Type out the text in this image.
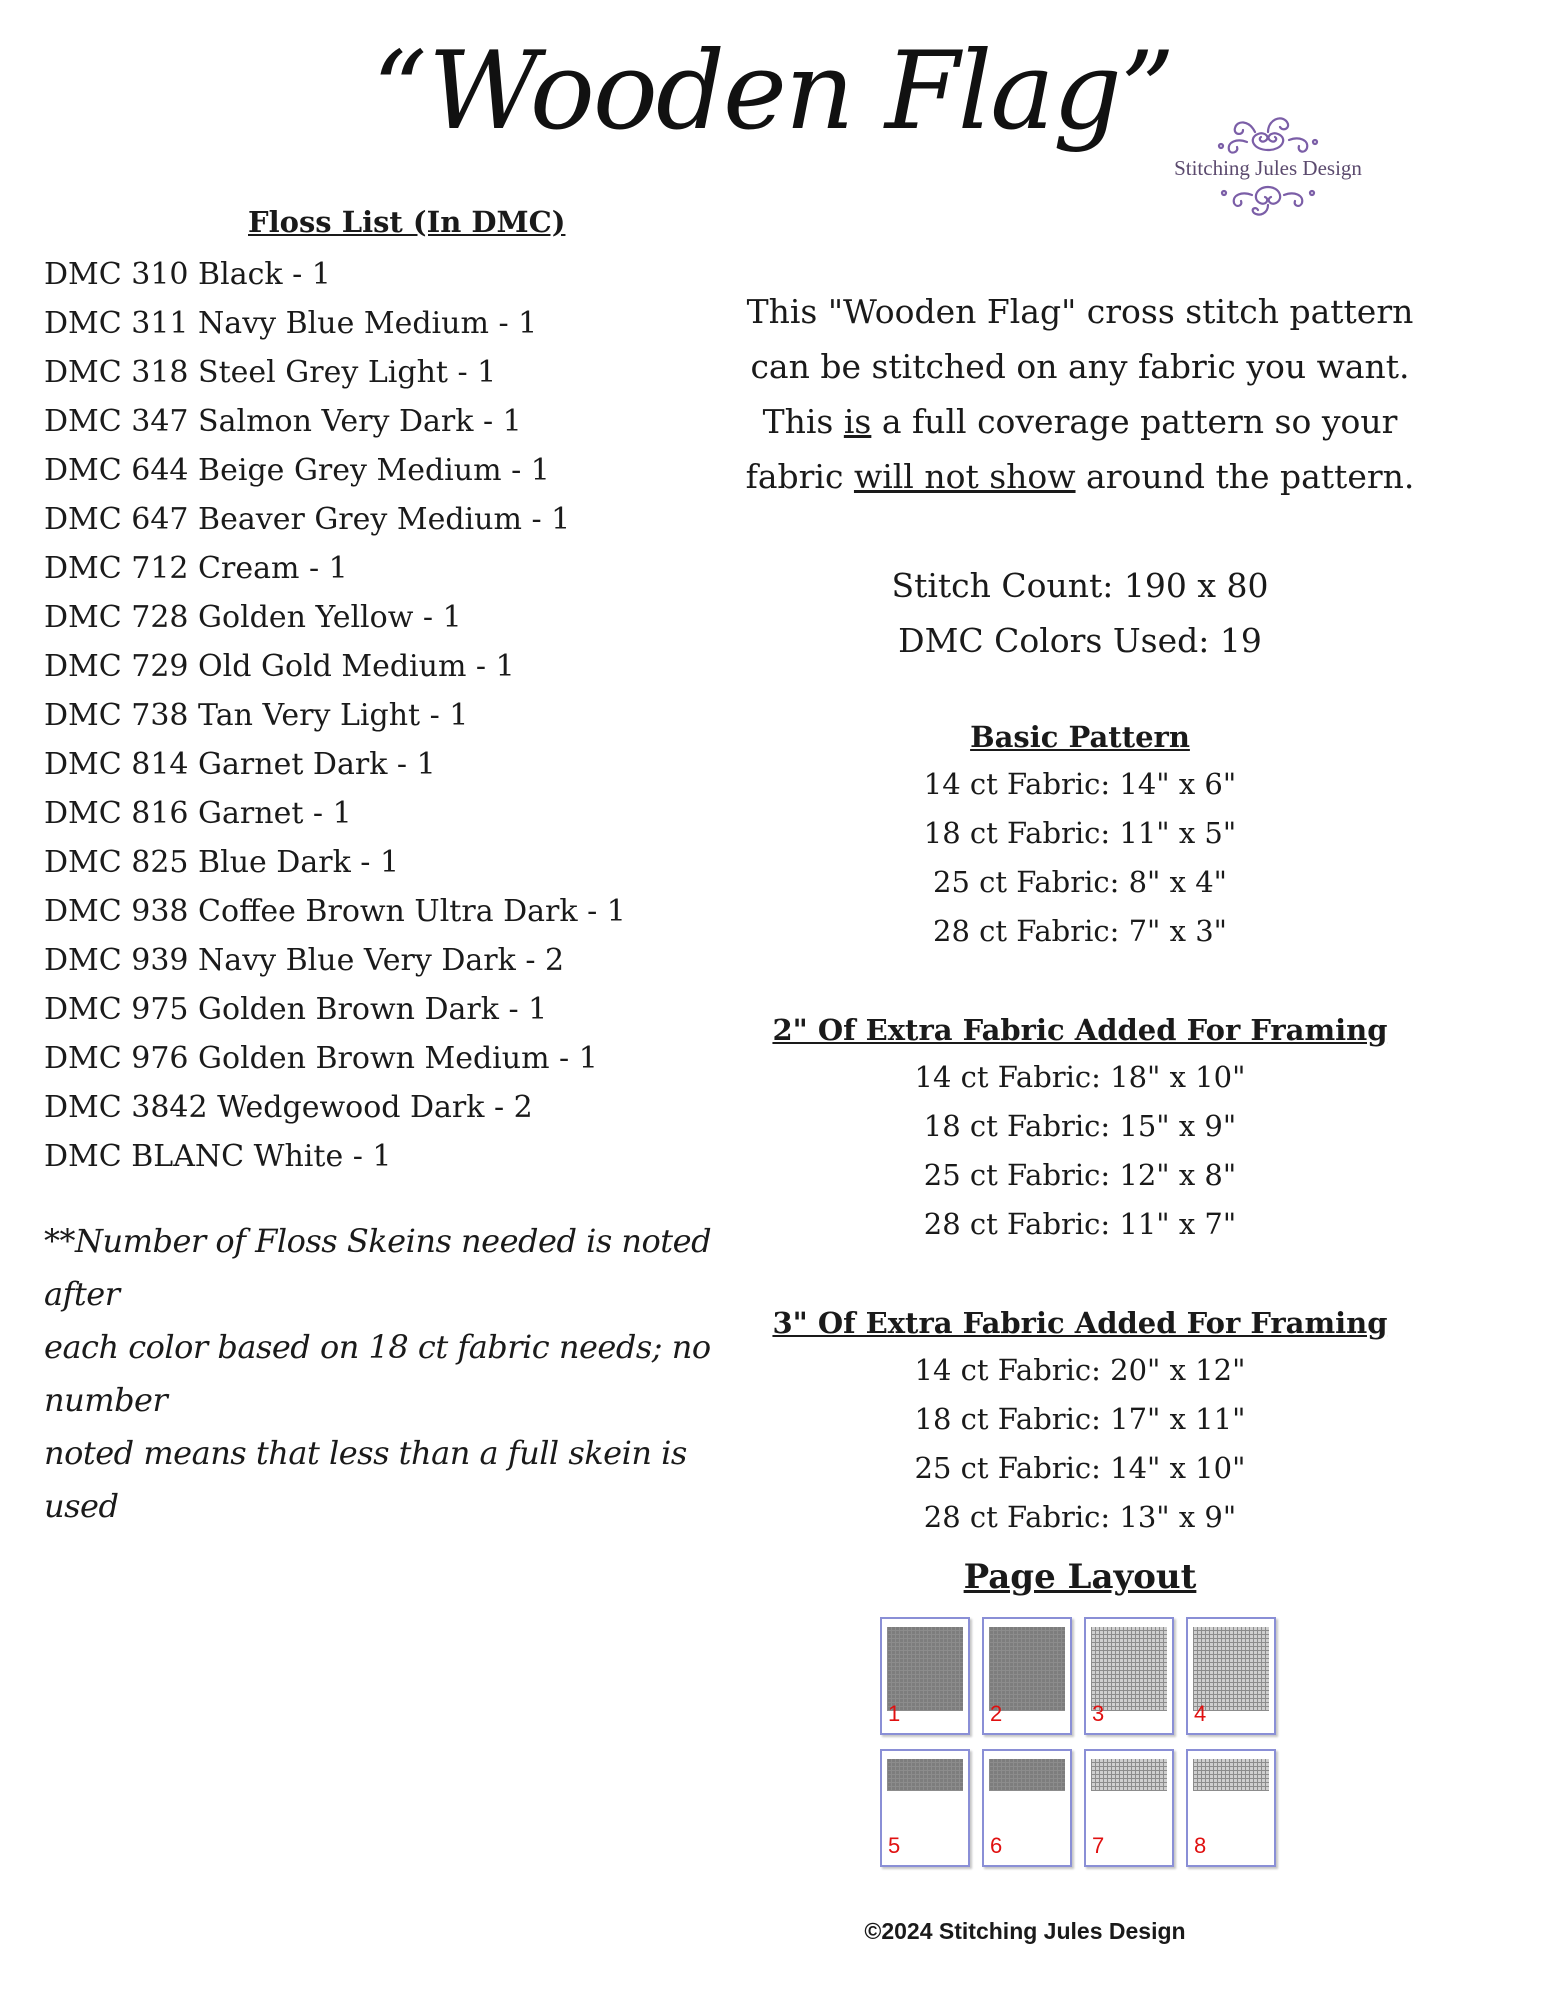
“Wooden Flag”
Stitching Jules Design
Floss List (In DMC)
DMC 310 Black - 1
DMC 311 Navy Blue Medium - 1
DMC 318 Steel Grey Light - 1
DMC 347 Salmon Very Dark - 1
DMC 644 Beige Grey Medium - 1
DMC 647 Beaver Grey Medium - 1
DMC 712 Cream - 1
DMC 728 Golden Yellow - 1
DMC 729 Old Gold Medium - 1
DMC 738 Tan Very Light - 1
DMC 814 Garnet Dark - 1
DMC 816 Garnet - 1
DMC 825 Blue Dark - 1
DMC 938 Coffee Brown Ultra Dark - 1
DMC 939 Navy Blue Very Dark - 2
DMC 975 Golden Brown Dark - 1
DMC 976 Golden Brown Medium - 1
DMC 3842 Wedgewood Dark - 2
DMC BLANC White - 1
**Number of Floss Skeins needed is noted after
each color based on 18 ct fabric needs; no number
noted means that less than a full skein is used
This "Wooden Flag" cross stitch pattern
can be stitched on any fabric you want.
This is a full coverage pattern so your
fabric will not show around the pattern.
Stitch Count: 190 x 80
DMC Colors Used: 19
Basic Pattern
14 ct Fabric: 14" x 6"
18 ct Fabric: 11" x 5"
25 ct Fabric: 8" x 4"
28 ct Fabric: 7" x 3"
2" Of Extra Fabric Added For Framing
14 ct Fabric: 18" x 10"
18 ct Fabric: 15" x 9"
25 ct Fabric: 12" x 8"
28 ct Fabric: 11" x 7"
3" Of Extra Fabric Added For Framing
14 ct Fabric: 20" x 12"
18 ct Fabric: 17" x 11"
25 ct Fabric: 14" x 10"
28 ct Fabric: 13" x 9"
Page Layout
1	2	3	4
5	6	7	8
©2024 Stitching Jules Design
